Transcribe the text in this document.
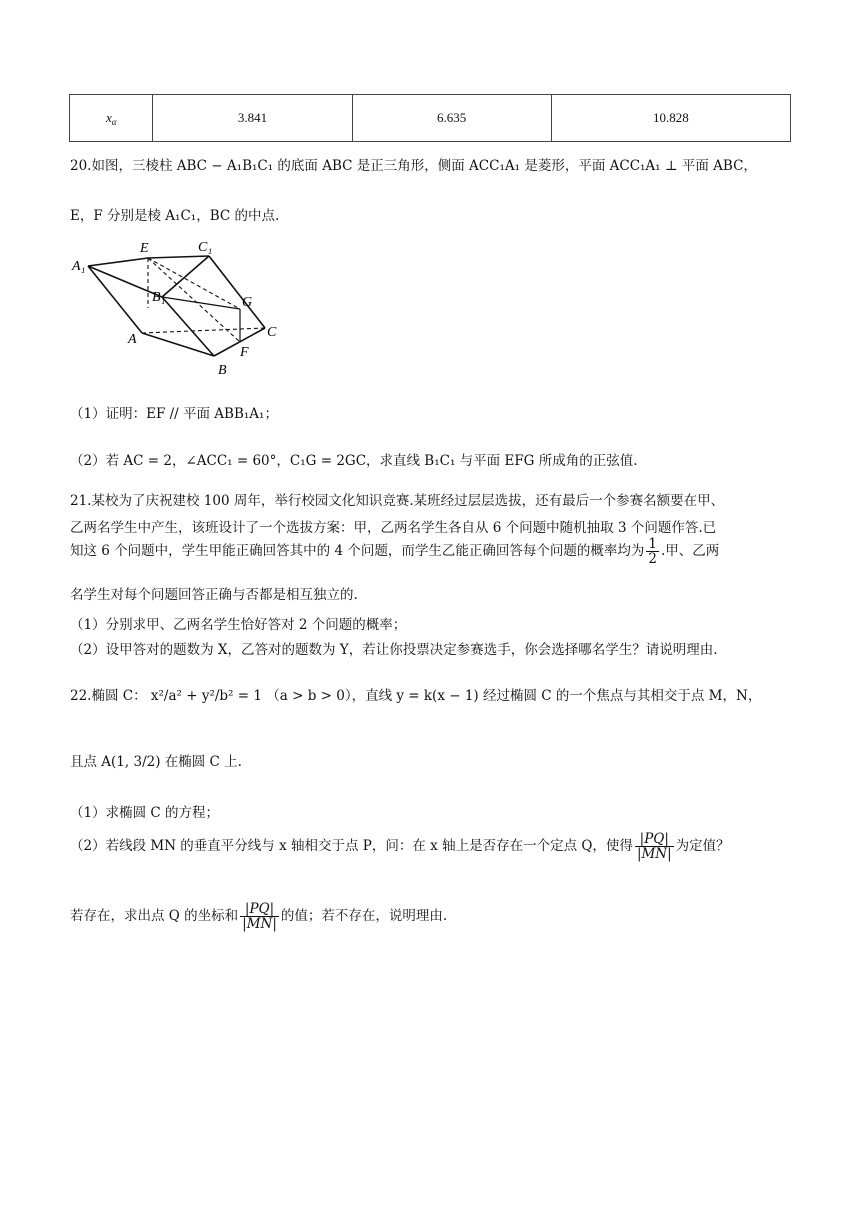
$x_\alpha$	3.841	6.635	10.828
20.如图，三棱柱 ABC − A₁B₁C₁ 的底面 ABC 是正三角形，侧面 ACC₁A₁ 是菱形，平面 ACC₁A₁ ⊥ 平面 ABC，
E，F 分别是棱 A₁C₁，BC 的中点.
A₁
E	C₁
B₁	G
A	C
F
B
（1）证明：EF // 平面 ABB₁A₁；
（2）若 AC = 2，∠ACC₁ = 60°，C₁G = 2GC，求直线 B₁C₁ 与平面 EFG 所成角的正弦值.
21.某校为了庆祝建校 100 周年，举行校园文化知识竞赛.某班经过层层选拔，还有最后一个参赛名额要在甲、
乙两名学生中产生，该班设计了一个选拔方案：甲，乙两名学生各自从 6 个问题中随机抽取 3 个问题作答.已
知这 6 个问题中，学生甲能正确回答其中的 4 个问题，而学生乙能正确回答每个问题的概率均为 $\frac{1}{2}$ .甲、乙两
名学生对每个问题回答正确与否都是相互独立的.
（1）分别求甲、乙两名学生恰好答对 2 个问题的概率；
（2）设甲答对的题数为 X，乙答对的题数为 Y，若让你投票决定参赛选手，你会选择哪名学生？请说明理由.
22.椭圆 C： x²/a² + y²/b² = 1 （a > b > 0），直线 y = k(x − 1) 经过椭圆 C 的一个焦点与其相交于点 M，N，
且点 A(1, 3/2) 在椭圆 C 上.
（1）求椭圆 C 的方程；
（2）若线段 MN 的垂直平分线与 x 轴相交于点 P，问：在 x 轴上是否存在一个定点 Q，使得 $\frac{|PQ|}{|MN|}$ 为定值？
若存在，求出点 Q 的坐标和 $\frac{|PQ|}{|MN|}$ 的值；若不存在，说明理由.
